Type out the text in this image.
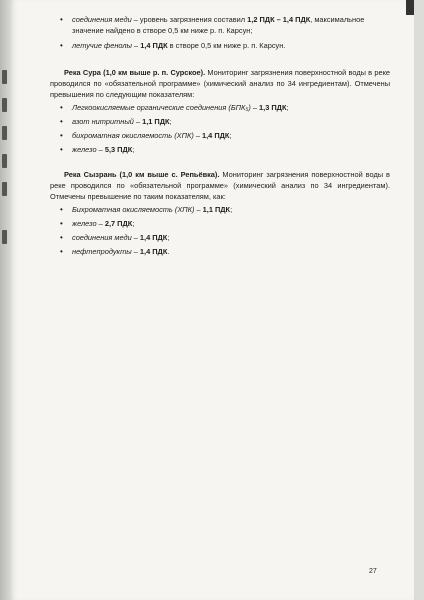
• соединения меди – уровень загрязнения составил 1,2 ПДК – 1,4 ПДК, максимальное значение найдено в створе 0,5 км ниже р. п. Карсун;
• летучие фенолы – 1,4 ПДК в створе 0,5 км ниже р. п. Карсун.

Река Сура (1,0 км выше р. п. Сурское). Мониторинг загрязнения поверхностной воды в реке проводился по «обязательной программе» (химический анализ по 34 ингредиентам). Отмечены превышения по следующим показателям:

• Легкоокисляемые органические соединения (БПК₅) – 1,3 ПДК;
• азот нитритный – 1,1 ПДК;
• бихроматная окисляемость (ХПК) – 1,4 ПДК;
• железо – 5,3 ПДК;

Река Сызрань (1,0 км выше с. Репьёвка). Мониторинг загрязнения поверхностной воды в реке проводился по «обязательной программе» (химический анализ по 34 ингредиентам). Отмечены превышение по таким показателям, как:

• Бихроматная окисляемость (ХПК) – 1,1 ПДК;
• железо – 2,7 ПДК;
• соединения меди – 1,4 ПДК;
• нефтепродукты – 1,4 ПДК.
27
